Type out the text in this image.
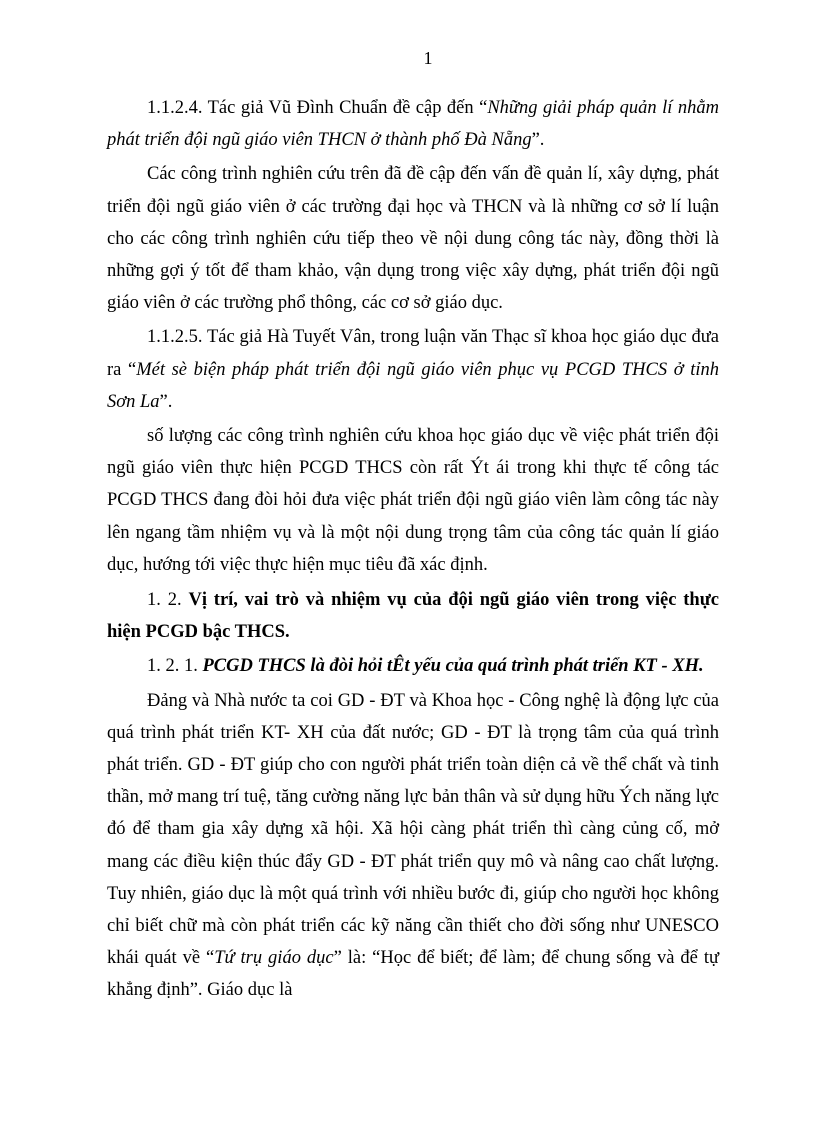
1

1.1.2.4. Tác giả Vũ Đình Chuẩn đề cập đến “Những giải pháp quản lí nhằm phát triển đội ngũ giáo viên THCN ở thành phố Đà Nẵng”.

Các công trình nghiên cứu trên đã đề cập đến vấn đề quản lí, xây dựng, phát triển đội ngũ giáo viên ở các trường đại học và THCN và là những cơ sở lí luận cho các công trình nghiên cứu tiếp theo về nội dung công tác này, đồng thời là những gợi ý tốt để tham khảo, vận dụng trong việc xây dựng, phát triển đội ngũ giáo viên ở các trường phổ thông, các cơ sở giáo dục.

1.1.2.5. Tác giả Hà Tuyết Vân, trong luận văn Thạc sĩ khoa học giáo dục đưa ra “Mét sè biện pháp phát triển đội ngũ giáo viên phục vụ PCGD THCS ở tỉnh Sơn La”.

số lượng các công trình nghiên cứu khoa học giáo dục về việc phát triển đội ngũ giáo viên thực hiện PCGD THCS còn rất Ýt ái trong khi thực tế công tác PCGD THCS đang đòi hỏi đưa việc phát triển đội ngũ giáo viên làm công tác này lên ngang tầm nhiệm vụ và là một nội dung trọng tâm của công tác quản lí giáo dục, hướng tới việc thực hiện mục tiêu đã xác định.

1. 2. Vị trí, vai trò và nhiệm vụ của đội ngũ giáo viên trong việc thực hiện PCGD bậc THCS.

1. 2. 1. PCGD THCS là đòi hỏi tÊt yếu của quá trình phát triển KT - XH.

Đảng và Nhà nước ta coi GD - ĐT và Khoa học - Công nghệ là động lực của quá trình phát triển KT- XH của đất nước; GD - ĐT là trọng tâm của quá trình phát triển. GD - ĐT giúp cho con người phát triển toàn diện cả về thể chất và tinh thần, mở mang trí tuệ, tăng cường năng lực bản thân và sử dụng hữu Ých năng lực đó để tham gia xây dựng xã hội. Xã hội càng phát triển thì càng củng cố, mở mang các điều kiện thúc đẩy GD - ĐT phát triển quy mô và nâng cao chất lượng. Tuy nhiên, giáo dục là một quá trình với nhiều bước đi, giúp cho người học không chỉ biết chữ mà còn phát triển các kỹ năng cần thiết cho đời sống như UNESCO khái quát về “Tứ trụ giáo dục” là: “Học để biết; để làm; để chung sống và để tự khẳng định”. Giáo dục là
